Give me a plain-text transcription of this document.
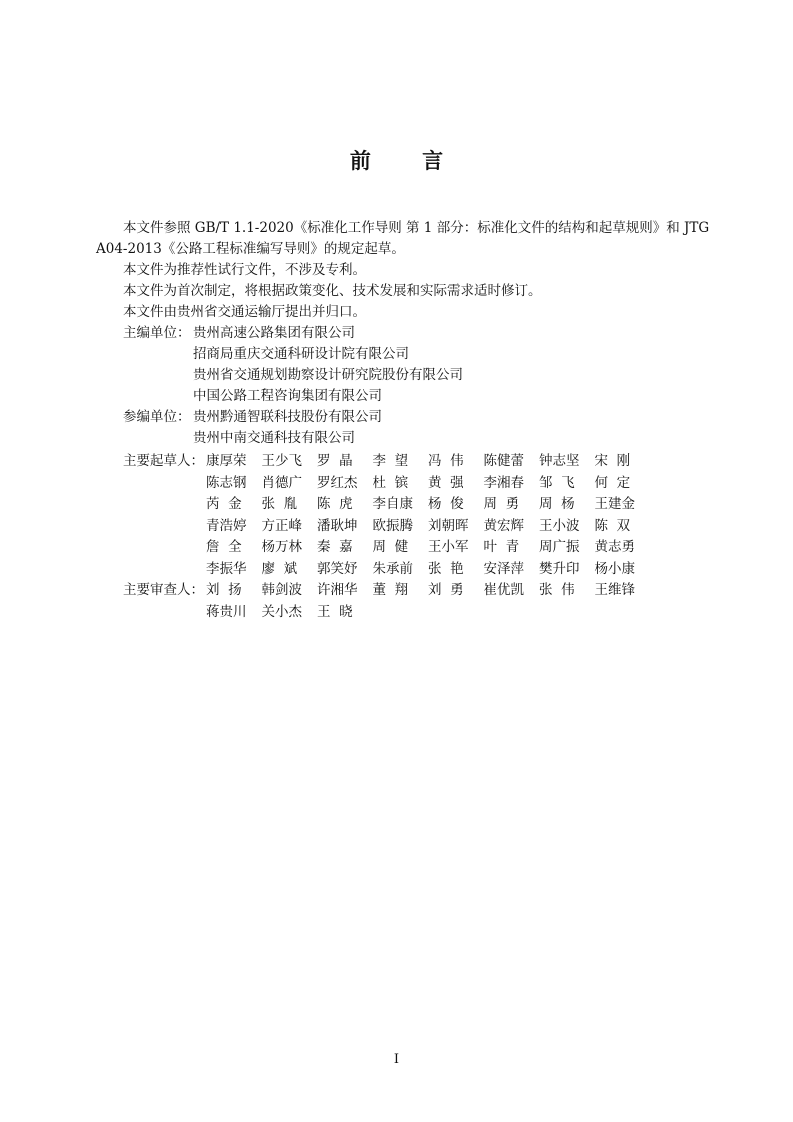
前 言
本文件参照 GB/T 1.1-2020《标准化工作导则 第 1 部分：标准化文件的结构和起草规则》和 JTG A04-2013《公路工程标准编写导则》的规定起草。
本文件为推荐性试行文件，不涉及专利。
本文件为首次制定，将根据政策变化、技术发展和实际需求适时修订。
本文件由贵州省交通运输厅提出并归口。
主编单位： 贵州高速公路集团有限公司
招商局重庆交通科研设计院有限公司
贵州省交通规划勘察设计研究院股份有限公司
中国公路工程咨询集团有限公司
参编单位： 贵州黔通智联科技股份有限公司
贵州中南交通科技有限公司
主要起草人： 康厚荣	王少飞	罗  晶	李  望	冯  伟	陈健蕾	钟志坚	宋  刚
陈志钢	肖德广	罗红杰	杜  镔	黄  强	李湘春	邹  飞	何  定
芮  金	张  胤	陈  虎	李自康	杨  俊	周  勇	周  杨	王建金
青浩婷	方正峰	潘耿坤	欧振腾	刘朝晖	黄宏辉	王小波	陈  双
詹  全	杨万林	秦  嘉	周  健	王小军	叶  青	周广振	黄志勇
李振华	廖  斌	郭笑妤	朱承前	张  艳	安泽萍	樊升印	杨小康
主要审查人： 刘  扬	韩剑波	许湘华	董  翔	刘  勇	崔优凯	张  伟	王维锋
蒋贵川	关小杰	王  晓
I
